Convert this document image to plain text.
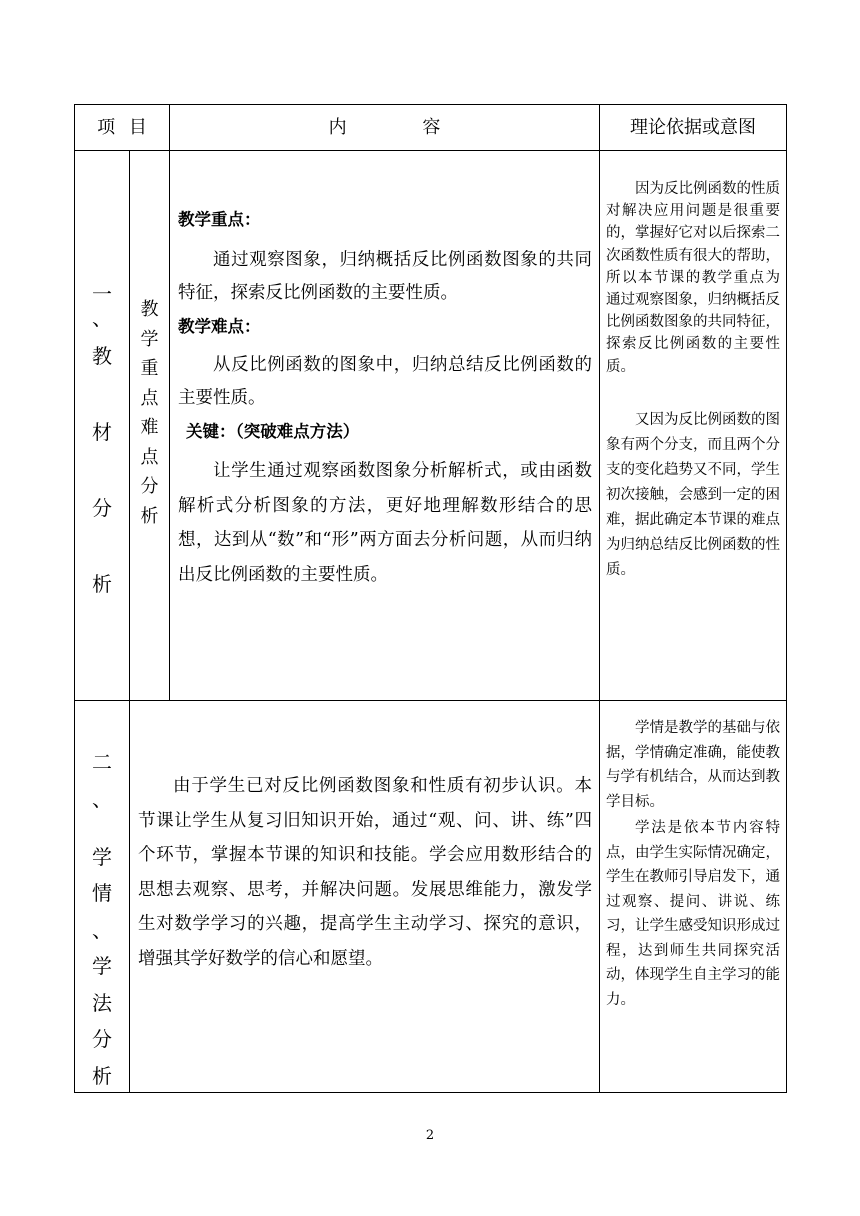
项 目	内 容	理论依据或意图
一
、
教
材
分
析
教
学
重
点
难
点
分
析

教学重点：

通过观察图象，归纳概括反比例函数图象的共同特征，探索反比例函数的主要性质。

教学难点：

从反比例函数的图象中，归纳总结反比例函数的主要性质。

关键：（突破难点方法）

让学生通过观察函数图象分析解析式，或由函数解析式分析图象的方法，更好地理解数形结合的思想，达到从“数”和“形”两方面去分析问题，从而归纳出反比例函数的主要性质。

因为反比例函数的性质对解决应用问题是很重要的，掌握好它对以后探索二次函数性质有很大的帮助，所以本节课的教学重点为 通过观察图象，归纳概括反比例函数图象的共同特征，探索反比例函数的主要性质。

又因为反比例函数的图象有两个分支，而且两个分支的变化趋势又不同，学生初次接触，会感到一定的困难，据此确定本节课的难点为归纳总结反比例函数的性质。

二
、
学
情
、
学
法
分
析

由于学生已对反比例函数图象和性质有初步认识。本节课让学生从复习旧知识开始，通过“观、问、讲、练”四个环节，掌握本节课的知识和技能。学会应用数形结合的思想去观察、思考，并解决问题。发展思维能力，激发学生对数学学习的兴趣，提高学生主动学习、探究的意识，增强其学好数学的信心和愿望。

学情是教学的基础与依据，学情确定准确，能使教与学有机结合，从而达到教学目标。

学法是依本节内容特点，由学生实际情况确定，学生在教师引导启发下，通过观察、提问、讲说、练习，让学生感受知识形成过程，达到师生共同探究活动，体现学生自主学习的能力。

2
